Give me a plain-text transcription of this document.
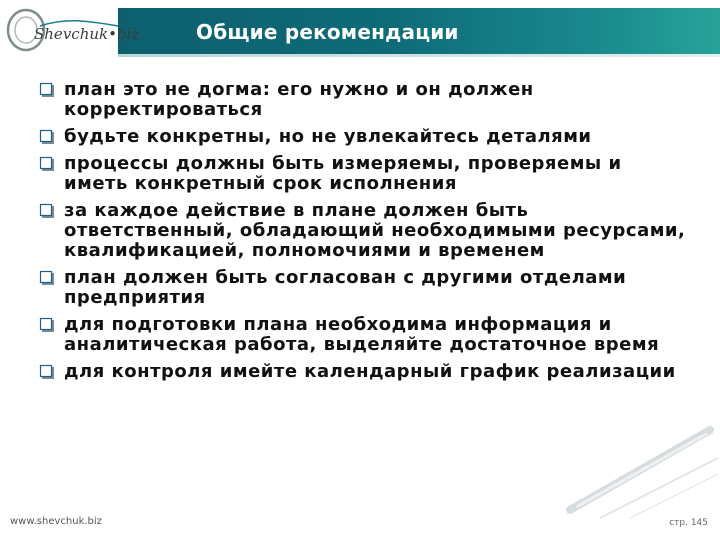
Shevchuk•biz	Общие рекомендации
план это не догма: его нужно и он должен корректироваться
будьте конкретны, но не увлекайтесь деталями
процессы должны быть измеряемы, проверяемы и иметь конкретный срок исполнения
за каждое действие в плане должен быть ответственный, обладающий необходимыми ресурсами, квалификацией, полномочиями и временем
план должен быть согласован с другими отделами предприятия
для подготовки плана необходима информация и аналитическая работа, выделяйте достаточное время
для контроля имейте календарный график реализации
www.shevchuk.biz	стр. 145
